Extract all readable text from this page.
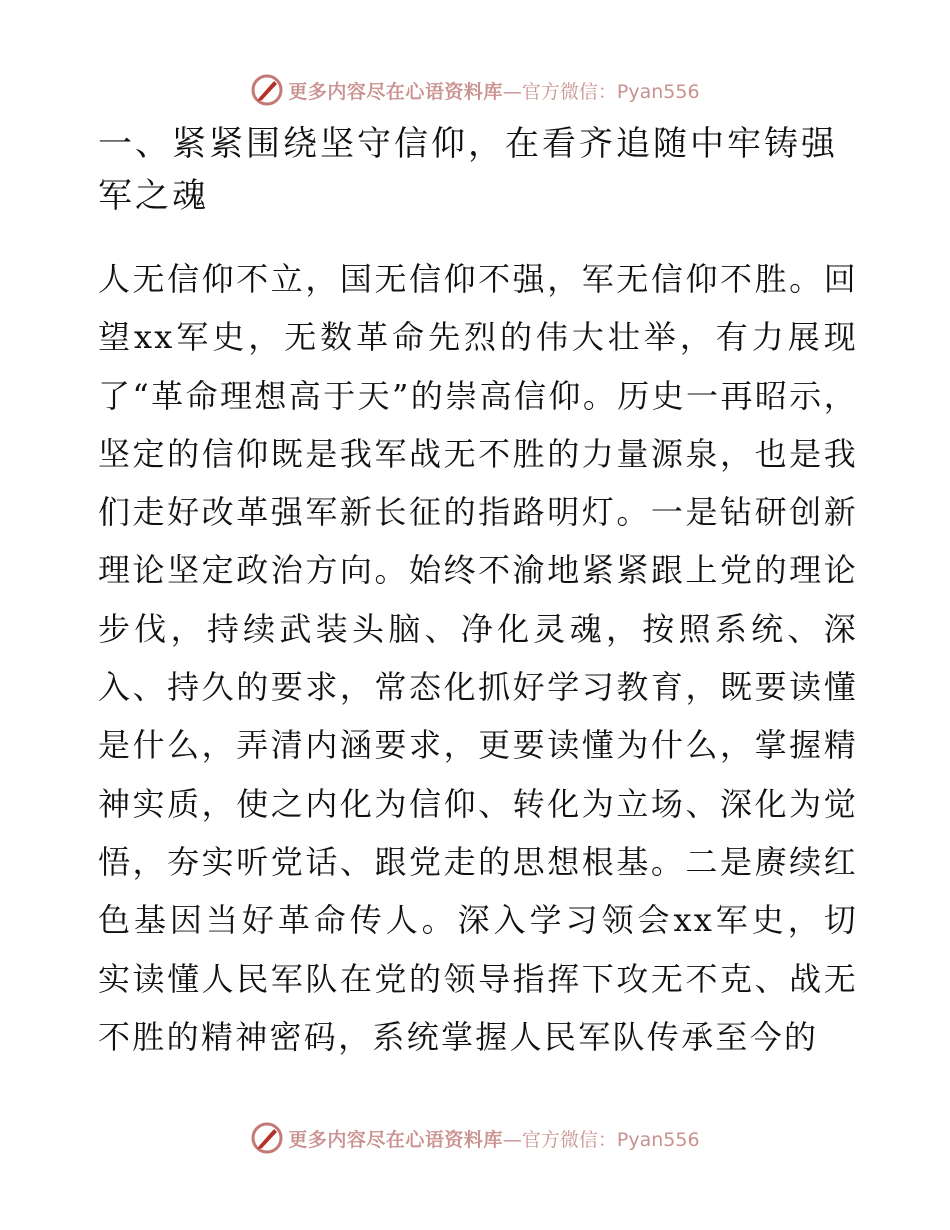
更多内容尽在心语资料库 —官方微信：Pyan556
一、紧紧围绕坚守信仰，在看齐追随中牢铸强军之魂

人无信仰不立，国无信仰不强，军无信仰不胜。回望xx军史，无数革命先烈的伟大壮举，有力展现了“革命理想高于天”的崇高信仰。历史一再昭示，坚定的信仰既是我军战无不胜的力量源泉，也是我们走好改革强军新长征的指路明灯。一是钻研创新理论坚定政治方向。始终不渝地紧紧跟上党的理论步伐，持续武装头脑、净化灵魂，按照系统、深入、持久的要求，常态化抓好学习教育，既要读懂是什么，弄清内涵要求，更要读懂为什么，掌握精神实质，使之内化为信仰、转化为立场、深化为觉悟，夯实听党话、跟党走的思想根基。二是赓续红色基因当好革命传人。深入学习领会xx军史，切实读懂人民军队在党的领导指挥下攻无不克、战无不胜的精神密码，系统掌握人民军队传承至今的

更多内容尽在心语资料库 —官方微信：Pyan556
